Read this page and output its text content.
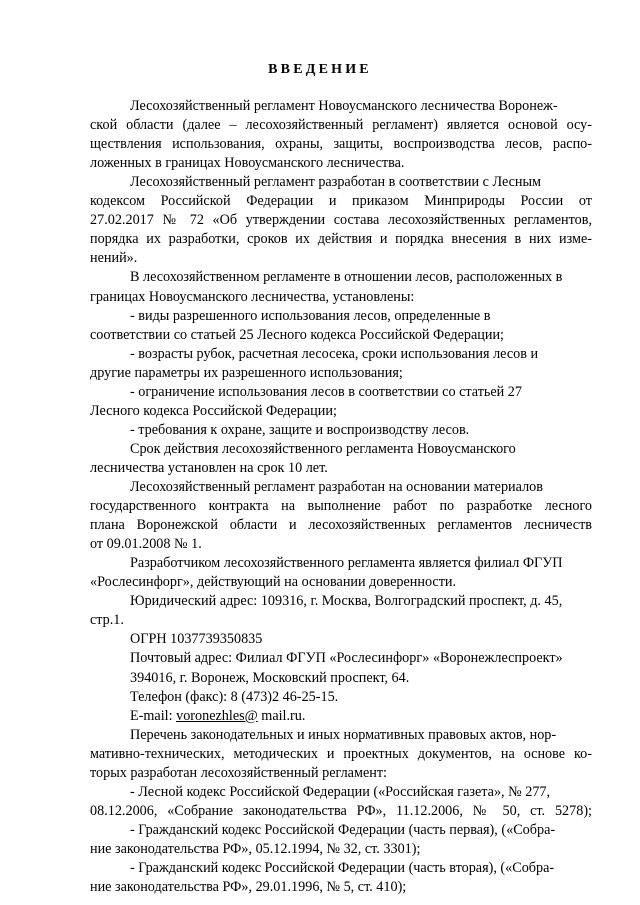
ВВЕДЕНИЕ

Лесохозяйственный регламент Новоусманского лесничества Воронеж-

ской области (далее – лесохозяйственный регламент) является основой осу-

ществления использования, охраны, защиты, воспроизводства лесов, распо-

ложенных в границах Новоусманского лесничества.

Лесохозяйственный регламент разработан в соответствии с Лесным

кодексом Российской Федерации и приказом Минприроды России от

27.02.2017 № 72 «Об утверждении состава лесохозяйственных регламентов,

порядка их разработки, сроков их действия и порядка внесения в них изме-

нений».

В лесохозяйственном регламенте в отношении лесов, расположенных в

границах Новоусманского лесничества, установлены:

- виды разрешенного использования лесов, определенные в

соответствии со статьей 25 Лесного кодекса Российской Федерации;

- возрасты рубок, расчетная лесосека, сроки использования лесов и

другие параметры их разрешенного использования;

- ограничение использования лесов в соответствии со статьей 27

Лесного кодекса Российской Федерации;

- требования к охране, защите и воспроизводству лесов.

Срок действия лесохозяйственного регламента Новоусманского

лесничества установлен на срок 10 лет.

Лесохозяйственный регламент разработан на основании материалов

государственного контракта на выполнение работ по разработке лесного

плана Воронежской области и лесохозяйственных регламентов лесничеств

от 09.01.2008 № 1.

Разработчиком лесохозяйственного регламента является филиал ФГУП

«Рослесинфорг», действующий на основании доверенности.

Юридический адрес: 109316, г. Москва, Волгоградский проспект, д. 45,

стр.1.

ОГРН 1037739350835

Почтовый адрес: Филиал ФГУП «Рослесинфорг» «Воронежлеспроект»

394016, г. Воронеж, Московский проспект, 64.

Телефон (факс): 8 (473)2 46-25-15.

Перечень законодательных и иных нормативных правовых актов, нор-

мативно-технических, методических и проектных документов, на основе ко-

торых разработан лесохозяйственный регламент:

- Лесной кодекс Российской Федерации («Российская газета», № 277,

08.12.2006, «Собрание законодательства РФ», 11.12.2006, № 50, ст. 5278);

- Гражданский кодекс Российской Федерации (часть первая), («Собра-

ние законодательства РФ», 05.12.1994, № 32, ст. 3301);

- Гражданский кодекс Российской Федерации (часть вторая), («Собра-

ние законодательства РФ», 29.01.1996, № 5, ст. 410);

E-mail: voronezhles@ mail.ru.
